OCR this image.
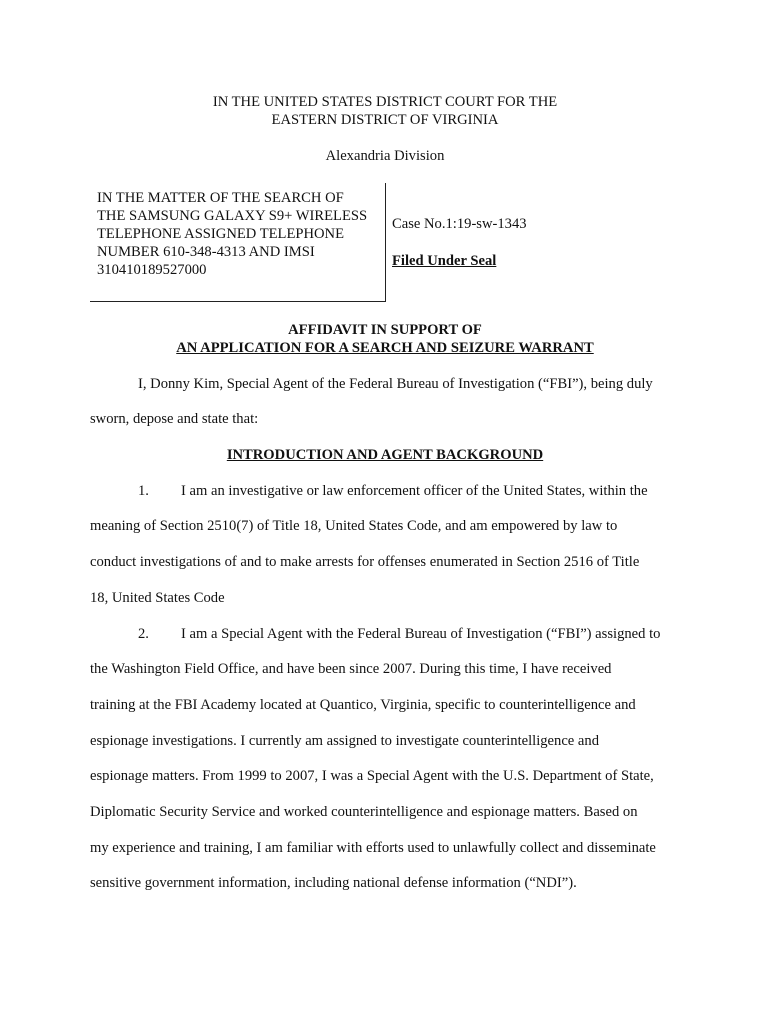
IN THE UNITED STATES DISTRICT COURT FOR THE
EASTERN DISTRICT OF VIRGINIA
Alexandria Division
IN THE MATTER OF THE SEARCH OF
THE SAMSUNG GALAXY S9+ WIRELESS
TELEPHONE ASSIGNED TELEPHONE
NUMBER 610-348-4313 AND IMSI
310410189527000
Case No.1:19-sw-1343
Filed Under Seal
AFFIDAVIT IN SUPPORT OF
AN APPLICATION FOR A SEARCH AND SEIZURE WARRANT
I, Donny Kim, Special Agent of the Federal Bureau of Investigation (“FBI”), being duly
sworn, depose and state that:
INTRODUCTION AND AGENT BACKGROUND
1. I am an investigative or law enforcement officer of the United States, within the
meaning of Section 2510(7) of Title 18, United States Code, and am empowered by law to
conduct investigations of and to make arrests for offenses enumerated in Section 2516 of Title
18, United States Code
2. I am a Special Agent with the Federal Bureau of Investigation (“FBI”) assigned to
the Washington Field Office, and have been since 2007. During this time, I have received
training at the FBI Academy located at Quantico, Virginia, specific to counterintelligence and
espionage investigations. I currently am assigned to investigate counterintelligence and
espionage matters. From 1999 to 2007, I was a Special Agent with the U.S. Department of State,
Diplomatic Security Service and worked counterintelligence and espionage matters. Based on
my experience and training, I am familiar with efforts used to unlawfully collect and disseminate
sensitive government information, including national defense information (“NDI”).
